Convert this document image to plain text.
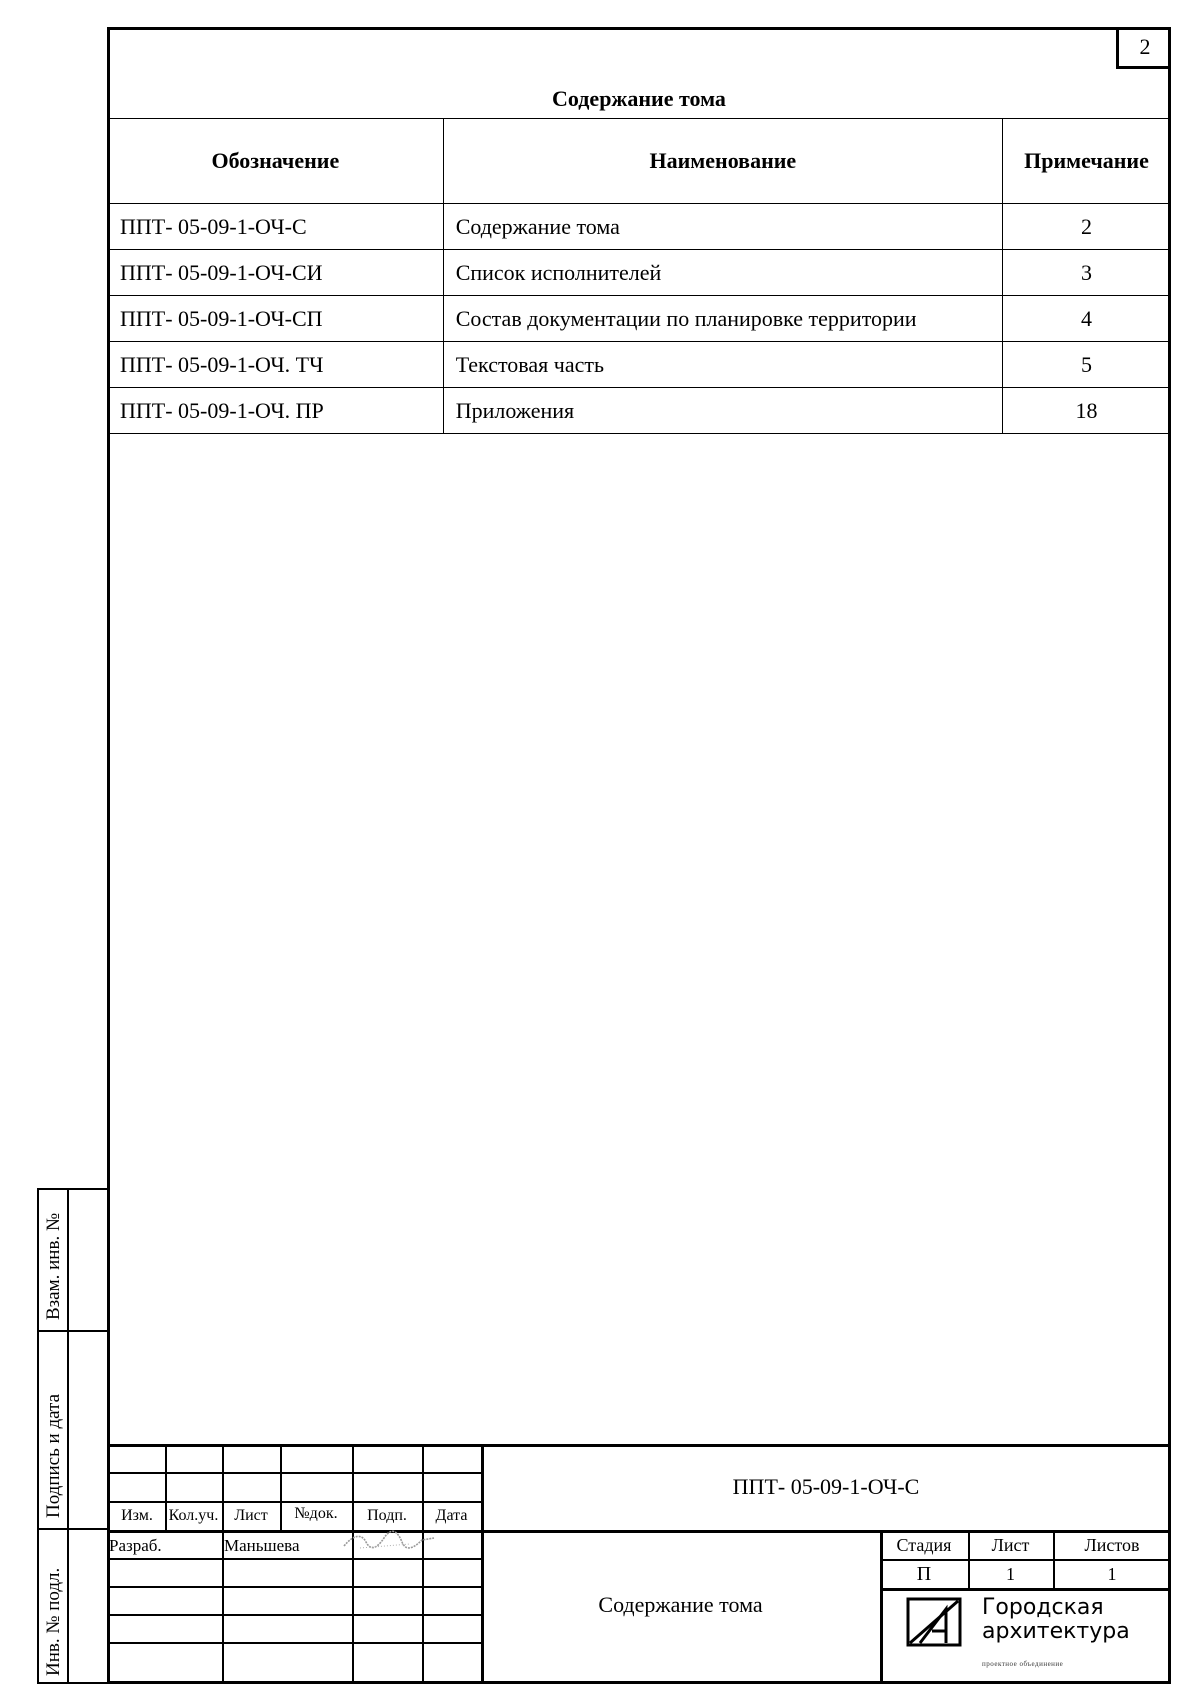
2
Содержание тома
Обозначение	Наименование	Примечание
ППТ- 05-09-1-ОЧ-С	Содержание тома	2
ППТ- 05-09-1-ОЧ-СИ	Список исполнителей	3
ППТ- 05-09-1-ОЧ-СП	Состав документации по планировке территории	4
ППТ- 05-09-1-ОЧ. ТЧ	Текстовая часть	5
ППТ- 05-09-1-ОЧ. ПР	Приложения	18
Взам. инв. №
Подпись и дата
Инв. № подл.
Изм. Кол.уч. Лист	№док.	Подп.	Дата
Разраб.	Маньшева
ППТ- 05-09-1-ОЧ-С
Содержание тома
Стадия	Лист	Листов
П	1	1
Городская
архитектура
проектное объединение
